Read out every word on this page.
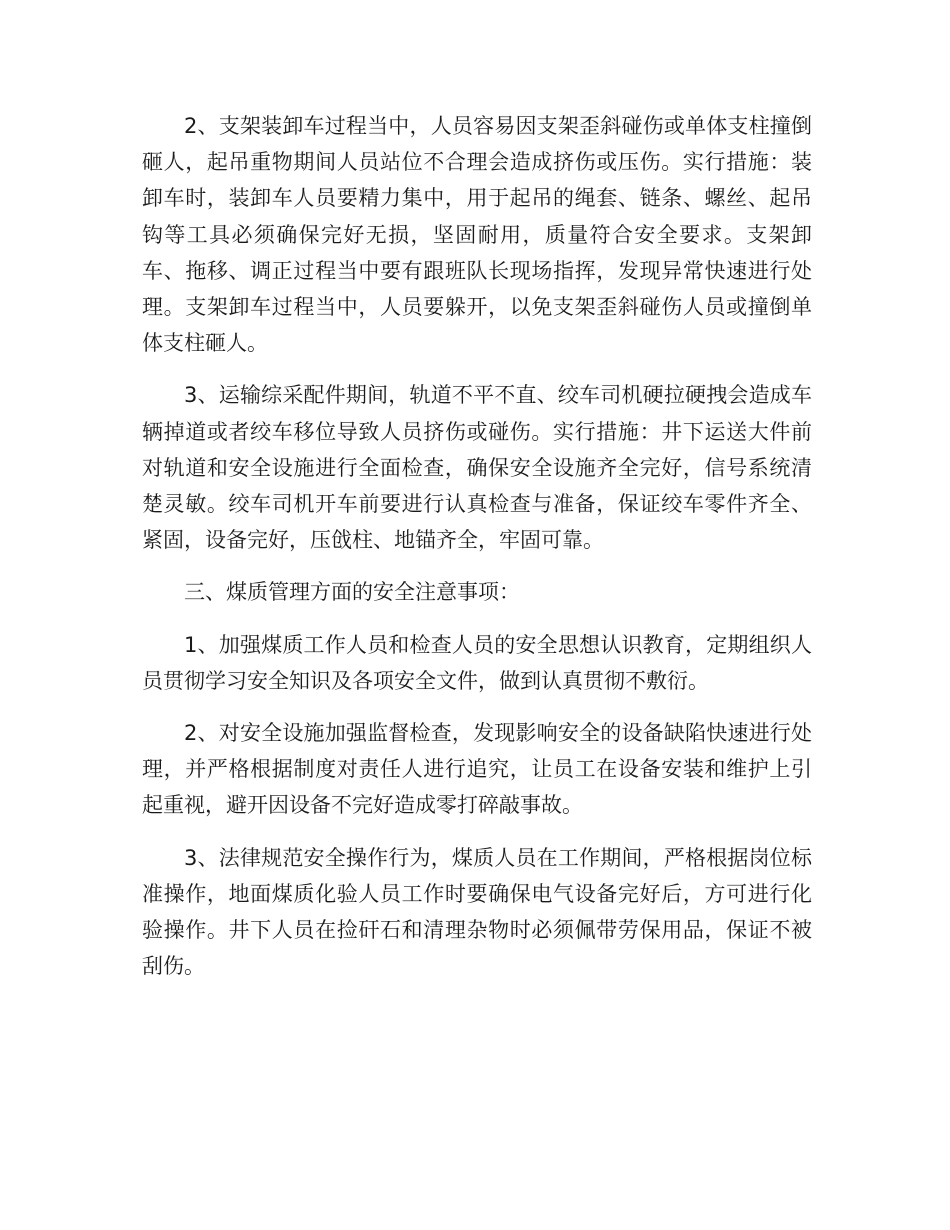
2、支架装卸车过程当中，人员容易因支架歪斜碰伤或单体支柱撞倒砸人，起吊重物期间人员站位不合理会造成挤伤或压伤。实行措施：装卸车时，装卸车人员要精力集中，用于起吊的绳套、链条、螺丝、起吊钩等工具必须确保完好无损，坚固耐用，质量符合安全要求。支架卸车、拖移、调正过程当中要有跟班队长现场指挥，发现异常快速进行处理。支架卸车过程当中，人员要躲开，以免支架歪斜碰伤人员或撞倒单体支柱砸人。

3、运输综采配件期间，轨道不平不直、绞车司机硬拉硬拽会造成车辆掉道或者绞车移位导致人员挤伤或碰伤。实行措施：井下运送大件前对轨道和安全设施进行全面检查，确保安全设施齐全完好，信号系统清楚灵敏。绞车司机开车前要进行认真检查与准备，保证绞车零件齐全、紧固，设备完好，压戗柱、地锚齐全，牢固可靠。

三、煤质管理方面的安全注意事项：

1、加强煤质工作人员和检查人员的安全思想认识教育，定期组织人员贯彻学习安全知识及各项安全文件，做到认真贯彻不敷衍。

2、对安全设施加强监督检查，发现影响安全的设备缺陷快速进行处理，并严格根据制度对责任人进行追究，让员工在设备安装和维护上引起重视，避开因设备不完好造成零打碎敲事故。

3、法律规范安全操作行为，煤质人员在工作期间，严格根据岗位标准操作，地面煤质化验人员工作时要确保电气设备完好后，方可进行化验操作。井下人员在捡矸石和清理杂物时必须佩带劳保用品，保证不被刮伤。
